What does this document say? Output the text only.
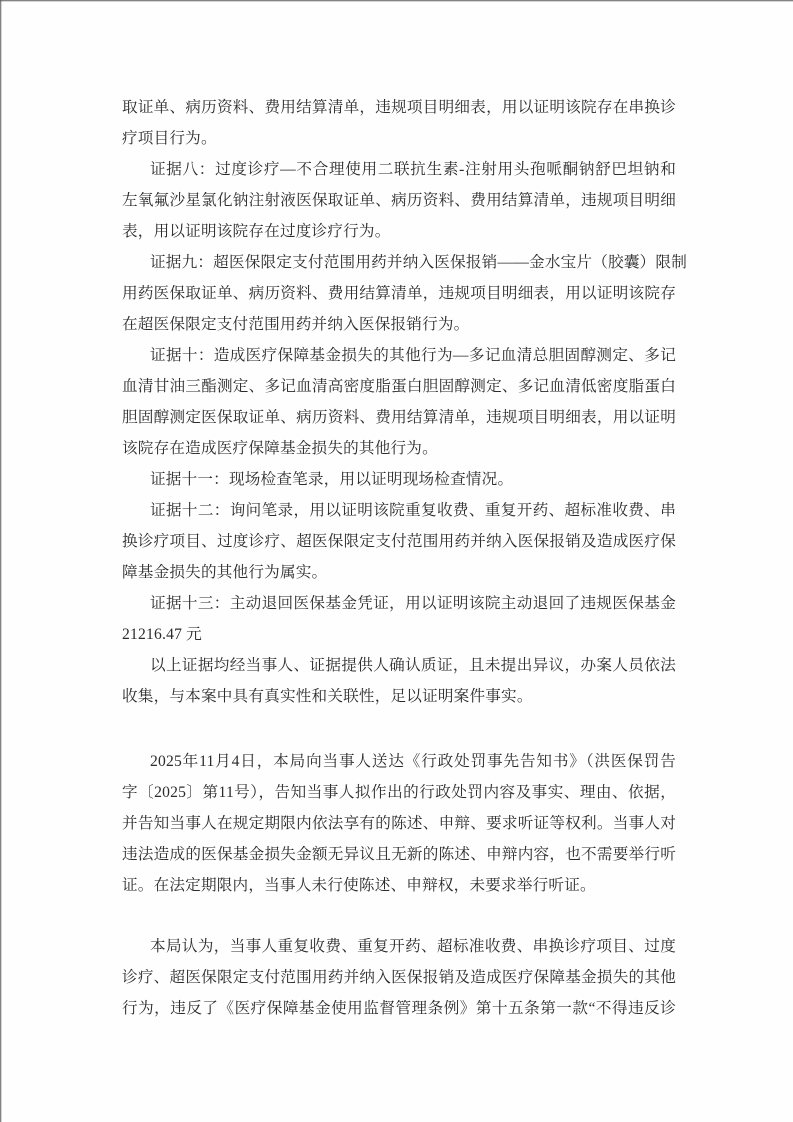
取证单、病历资料、费用结算清单，违规项目明细表，用以证明该院存在串换诊
疗项目行为。
证据八：过度诊疗—不合理使用二联抗生素-注射用头孢哌酮钠舒巴坦钠和
左氧氟沙星氯化钠注射液医保取证单、病历资料、费用结算清单，违规项目明细
表，用以证明该院存在过度诊疗行为。
证据九：超医保限定支付范围用药并纳入医保报销——金水宝片（胶囊）限制
用药医保取证单、病历资料、费用结算清单，违规项目明细表，用以证明该院存
在超医保限定支付范围用药并纳入医保报销行为。
证据十：造成医疗保障基金损失的其他行为—多记血清总胆固醇测定、多记
血清甘油三酯测定、多记血清高密度脂蛋白胆固醇测定、多记血清低密度脂蛋白
胆固醇测定医保取证单、病历资料、费用结算清单，违规项目明细表，用以证明
该院存在造成医疗保障基金损失的其他行为。
证据十一：现场检查笔录，用以证明现场检查情况。
证据十二：询问笔录，用以证明该院重复收费、重复开药、超标准收费、串
换诊疗项目、过度诊疗、超医保限定支付范围用药并纳入医保报销及造成医疗保
障基金损失的其他行为属实。
证据十三：主动退回医保基金凭证，用以证明该院主动退回了违规医保基金
21216.47 元
以上证据均经当事人、证据提供人确认质证，且未提出异议，办案人员依法
收集，与本案中具有真实性和关联性，足以证明案件事实。
2025年11月4日，本局向当事人送达《行政处罚事先告知书》（洪医保罚告
字〔2025〕第11号），告知当事人拟作出的行政处罚内容及事实、理由、依据，
并告知当事人在规定期限内依法享有的陈述、申辩、要求听证等权利。当事人对
违法造成的医保基金损失金额无异议且无新的陈述、申辩内容，也不需要举行听
证。在法定期限内，当事人未行使陈述、申辩权，未要求举行听证。
本局认为，当事人重复收费、重复开药、超标准收费、串换诊疗项目、过度
诊疗、超医保限定支付范围用药并纳入医保报销及造成医疗保障基金损失的其他
行为，违反了《医疗保障基金使用监督管理条例》第十五条第一款“不得违反诊
